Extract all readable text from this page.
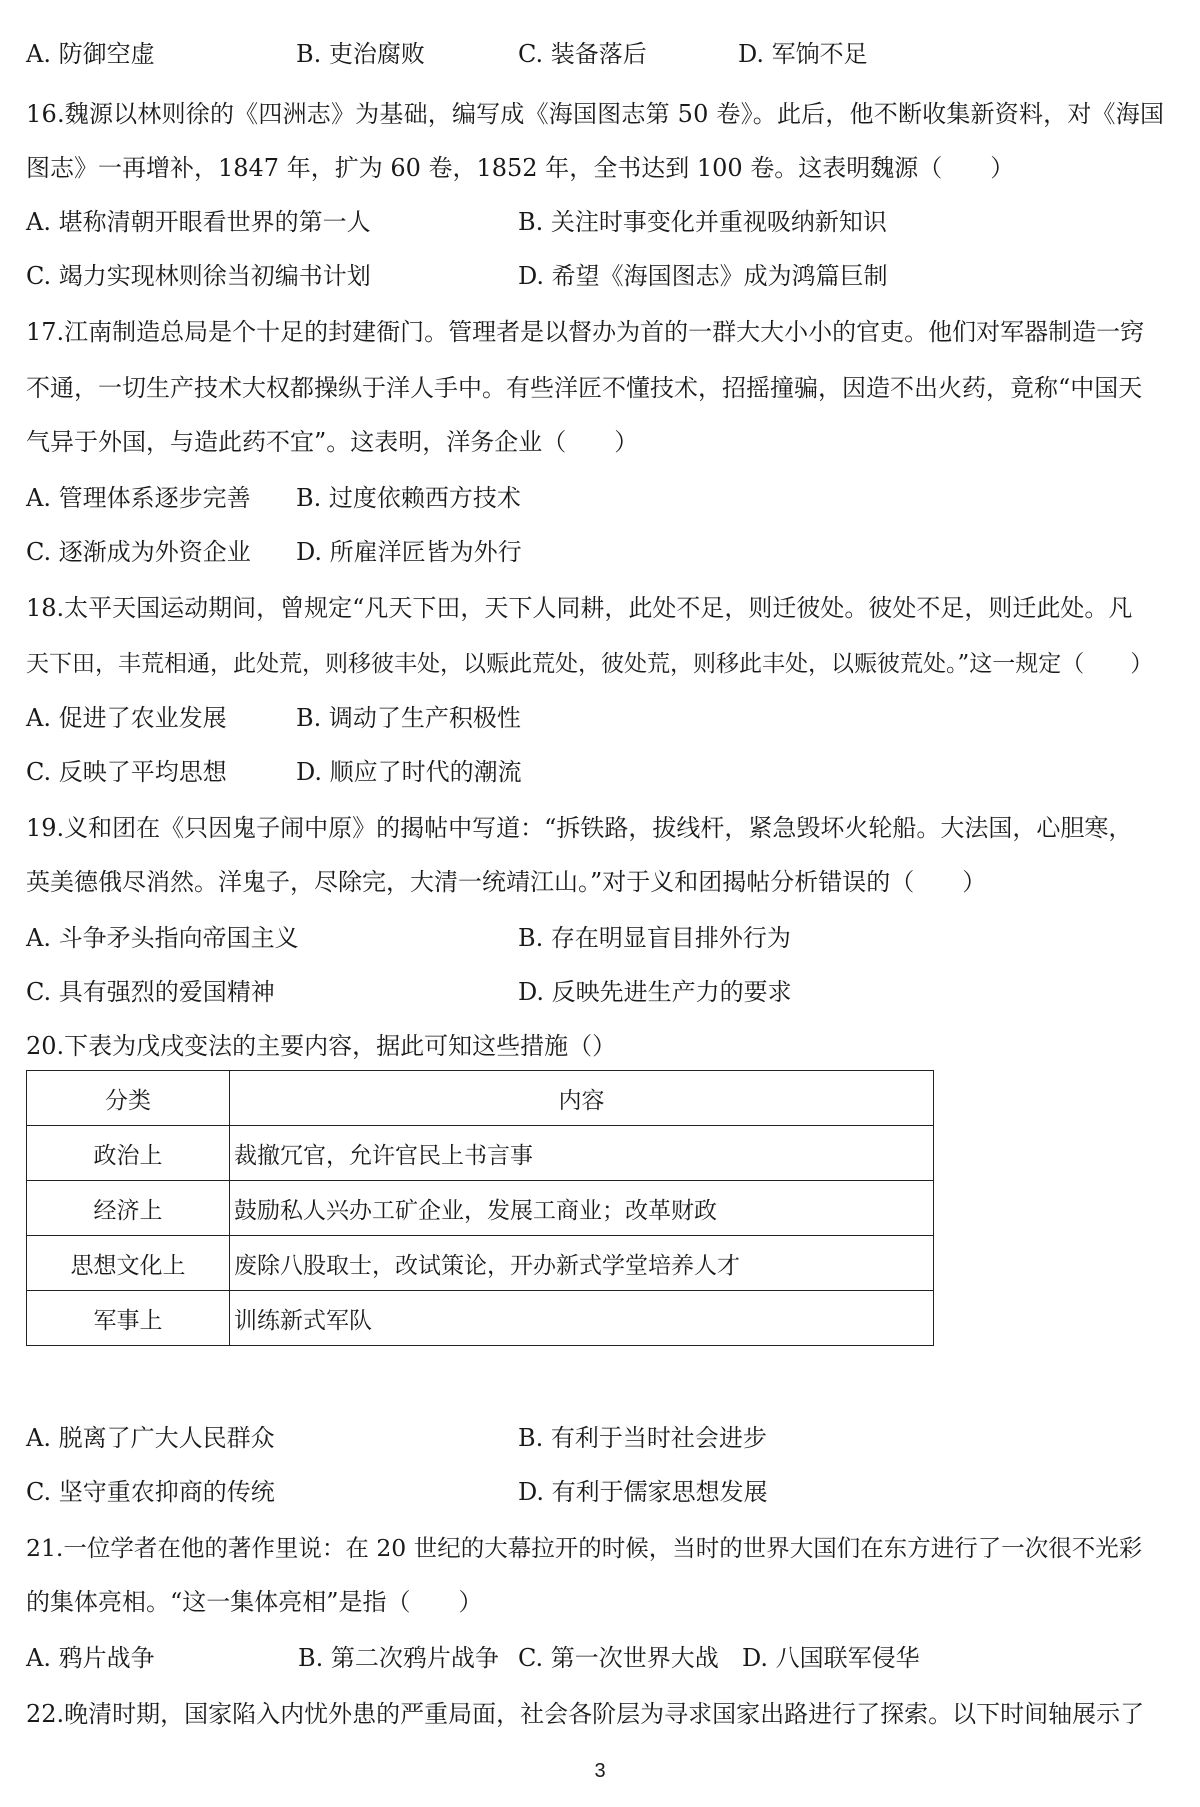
A. 防御空虚	B. 吏治腐败	C. 装备落后	D. 军饷不足
16.魏源以林则徐的《四洲志》为基础，编写成《海国图志第 50 卷》。此后，他不断收集新资料，对《海国
图志》一再增补，1847 年，扩为 60 卷，1852 年，全书达到 100 卷。这表明魏源（　　）
A. 堪称清朝开眼看世界的第一人	B. 关注时事变化并重视吸纳新知识
C. 竭力实现林则徐当初编书计划	D. 希望《海国图志》成为鸿篇巨制
17.江南制造总局是个十足的封建衙门。管理者是以督办为首的一群大大小小的官吏。他们对军器制造一窍
不通，一切生产技术大权都操纵于洋人手中。有些洋匠不懂技术，招摇撞骗，因造不出火药，竟称“中国天
气异于外国，与造此药不宜”。这表明，洋务企业（　　）
A. 管理体系逐步完善 B. 过度依赖西方技术
C. 逐渐成为外资企业 D. 所雇洋匠皆为外行
18.太平天国运动期间，曾规定“凡天下田，天下人同耕，此处不足，则迁彼处。彼处不足，则迁此处。凡
天下田，丰荒相通，此处荒，则移彼丰处，以赈此荒处，彼处荒，则移此丰处，以赈彼荒处。”这一规定（　　）
A. 促进了农业发展	B. 调动了生产积极性
C. 反映了平均思想	D. 顺应了时代的潮流
19.义和团在《只因鬼子闹中原》的揭帖中写道：“拆铁路，拔线杆，紧急毁坏火轮船。大法国，心胆寒，
英美德俄尽消然。洋鬼子，尽除完，大清一统靖江山。”对于义和团揭帖分析错误的（　　）
A. 斗争矛头指向帝国主义	B. 存在明显盲目排外行为
C. 具有强烈的爱国精神	D. 反映先进生产力的要求
20.下表为戊戌变法的主要内容，据此可知这些措施（）
分类	内容
政治上	裁撤冗官，允许官民上书言事
经济上	鼓励私人兴办工矿企业，发展工商业；改革财政
思想文化上	废除八股取士，改试策论，开办新式学堂培养人才
军事上	训练新式军队
A. 脱离了广大人民群众	B. 有利于当时社会进步
C. 坚守重农抑商的传统	D. 有利于儒家思想发展
21.一位学者在他的著作里说：在 20 世纪的大幕拉开的时候，当时的世界大国们在东方进行了一次很不光彩
的集体亮相。“这一集体亮相”是指（　　）
A. 鸦片战争	B. 第二次鸦片战争 C. 第一次世界大战 D. 八国联军侵华
22.晚清时期，国家陷入内忧外患的严重局面，社会各阶层为寻求国家出路进行了探索。以下时间轴展示了
3
